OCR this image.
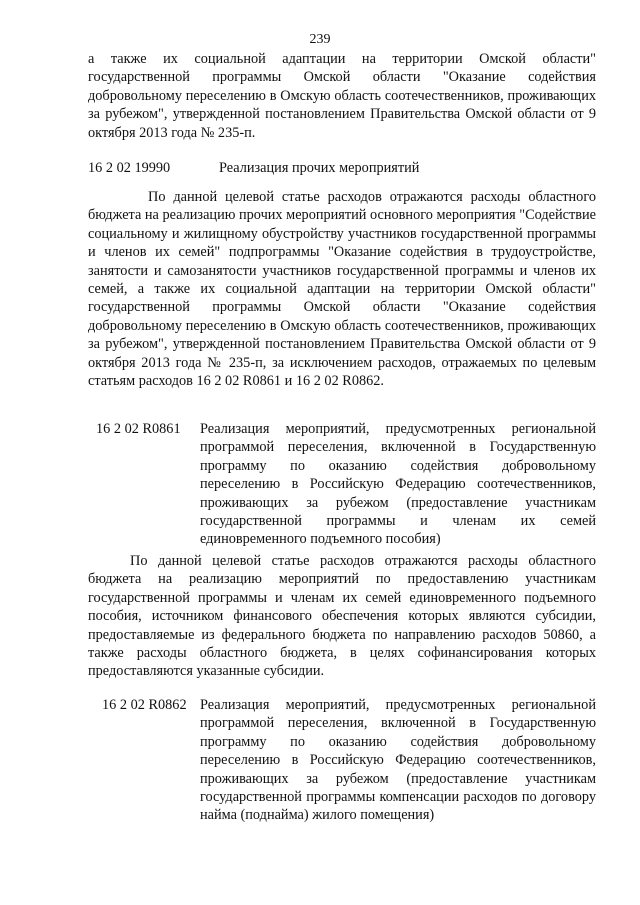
239

а также их социальной адаптации на территории Омской области" государственной программы Омской области "Оказание содействия добровольному переселению в Омскую область соотечественников, проживающих за рубежом", утвержденной постановлением Правительства Омской области от 9 октября 2013 года № 235-п.

16 2 02 19990	Реализация прочих мероприятий

По данной целевой статье расходов отражаются расходы областного бюджета на реализацию прочих мероприятий основного мероприятия "Содействие социальному и жилищному обустройству участников государственной программы и членов их семей" подпрограммы "Оказание содействия в трудоустройстве, занятости и самозанятости участников государственной программы и членов их семей, а также их социальной адаптации на территории Омской области" государственной программы Омской области "Оказание содействия добровольному переселению в Омскую область соотечественников, проживающих за рубежом", утвержденной постановлением Правительства Омской области от 9 октября 2013 года № 235-п, за исключением расходов, отражаемых по целевым статьям расходов 16 2 02 R0861 и 16 2 02 R0862.

16 2 02 R0861 Реализация мероприятий, предусмотренных региональной программой переселения, включенной в Государственную программу по оказанию содействия добровольному переселению в Российскую Федерацию соотечественников, проживающих за рубежом (предоставление участникам государственной программы и членам их семей единовременного подъемного пособия)

По данной целевой статье расходов отражаются расходы областного бюджета на реализацию мероприятий по предоставлению участникам государственной программы и членам их семей единовременного подъемного пособия, источником финансового обеспечения которых являются субсидии, предоставляемые из федерального бюджета по направлению расходов 50860, а также расходы областного бюджета, в целях софинансирования которых предоставляются указанные субсидии.

16 2 02 R0862 Реализация мероприятий, предусмотренных региональной программой переселения, включенной в Государственную программу по оказанию содействия добровольному переселению в Российскую Федерацию соотечественников, проживающих за рубежом (предоставление участникам государственной программы компенсации расходов по договору найма (поднайма) жилого помещения)
